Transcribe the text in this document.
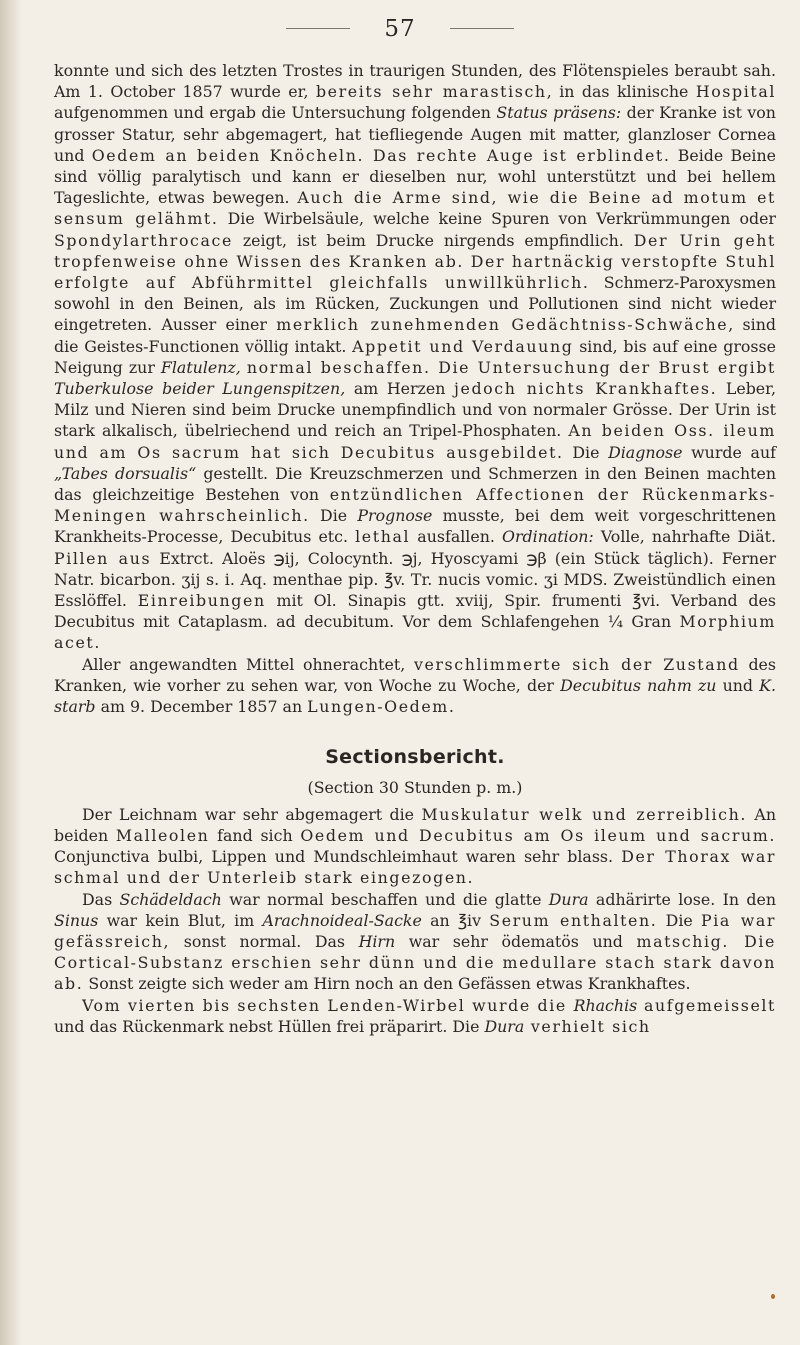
57

konnte und sich des letzten Trostes in traurigen Stunden, des Flötenspieles beraubt sah. Am 1. October 1857 wurde er, bereits sehr marastisch, in das klinische Hospital aufgenommen und ergab die Untersuchung folgenden Status präsens: der Kranke ist von grosser Statur, sehr abgemagert, hat tiefliegende Augen mit matter, glanzloser Cornea und Oedem an beiden Knöcheln. Das rechte Auge ist erblindet. Beide Beine sind völlig paralytisch und kann er dieselben nur, wohl unterstützt und bei hellem Tageslichte, etwas bewegen. Auch die Arme sind, wie die Beine ad motum et sensum gelähmt. Die Wirbelsäule, welche keine Spuren von Verkrümmungen oder Spondylarthrocace zeigt, ist beim Drucke nirgends empfindlich. Der Urin geht tropfenweise ohne Wissen des Kranken ab. Der hartnäckig verstopfte Stuhl erfolgte auf Abführmittel gleichfalls unwillkührlich. Schmerz-Paroxysmen sowohl in den Beinen, als im Rücken, Zuckungen und Pollutionen sind nicht wieder eingetreten. Ausser einer merklich zunehmenden Gedächtniss-Schwäche, sind die Geistes-Functionen völlig intakt. Appetit und Verdauung sind, bis auf eine grosse Neigung zur Flatulenz, normal beschaffen. Die Untersuchung der Brust ergibt Tuberkulose beider Lungenspitzen, am Herzen jedoch nichts Krankhaftes. Leber, Milz und Nieren sind beim Drucke unempfindlich und von normaler Grösse. Der Urin ist stark alkalisch, übelriechend und reich an Tripel-Phosphaten. An beiden Oss. ileum und am Os sacrum hat sich Decubitus ausgebildet. Die Diagnose wurde auf „Tabes dorsualis“ gestellt. Die Kreuzschmerzen und Schmerzen in den Beinen machten das gleichzeitige Bestehen von entzündlichen Affectionen der Rückenmarks-Meningen wahrscheinlich. Die Prognose musste, bei dem weit vorgeschrittenen Krankheits-Processe, Decubitus etc. lethal ausfallen. Ordination: Volle, nahrhafte Diät. Pillen aus Extrct. Aloës ℈ij, Colocynth. ℈j, Hyoscyami ℈β (ein Stück täglich). Ferner Natr. bicarbon. ʒij s. i. Aq. menthae pip. ℥v. Tr. nucis vomic. ʒi MDS. Zweistündlich einen Esslöffel. Einreibungen mit Ol. Sinapis gtt. xviij, Spir. frumenti ℥vi. Verband des Decubitus mit Cataplasm. ad decubitum. Vor dem Schlafengehen ¼ Gran Morphium acet.

Aller angewandten Mittel ohnerachtet, verschlimmerte sich der Zustand des Kranken, wie vorher zu sehen war, von Woche zu Woche, der Decubitus nahm zu und K. starb am 9. December 1857 an Lungen-Oedem.

Sectionsbericht.
(Section 30 Stunden p. m.)

Der Leichnam war sehr abgemagert die Muskulatur welk und zerreiblich. An beiden Malleolen fand sich Oedem und Decubitus am Os ileum und sacrum. Conjunctiva bulbi, Lippen und Mundschleimhaut waren sehr blass. Der Thorax war schmal und der Unterleib stark eingezogen.

Das Schädeldach war normal beschaffen und die glatte Dura adhärirte lose. In den Sinus war kein Blut, im Arachnoideal-Sacke an ℥iv Serum enthalten. Die Pia war gefässreich, sonst normal. Das Hirn war sehr ödematös und matschig. Die Cortical-Substanz erschien sehr dünn und die medullare stach stark davon ab. Sonst zeigte sich weder am Hirn noch an den Gefässen etwas Krankhaftes.

Vom vierten bis sechsten Lenden-Wirbel wurde die Rhachis aufgemeisselt und das Rückenmark nebst Hüllen frei präparirt. Die Dura verhielt sich
